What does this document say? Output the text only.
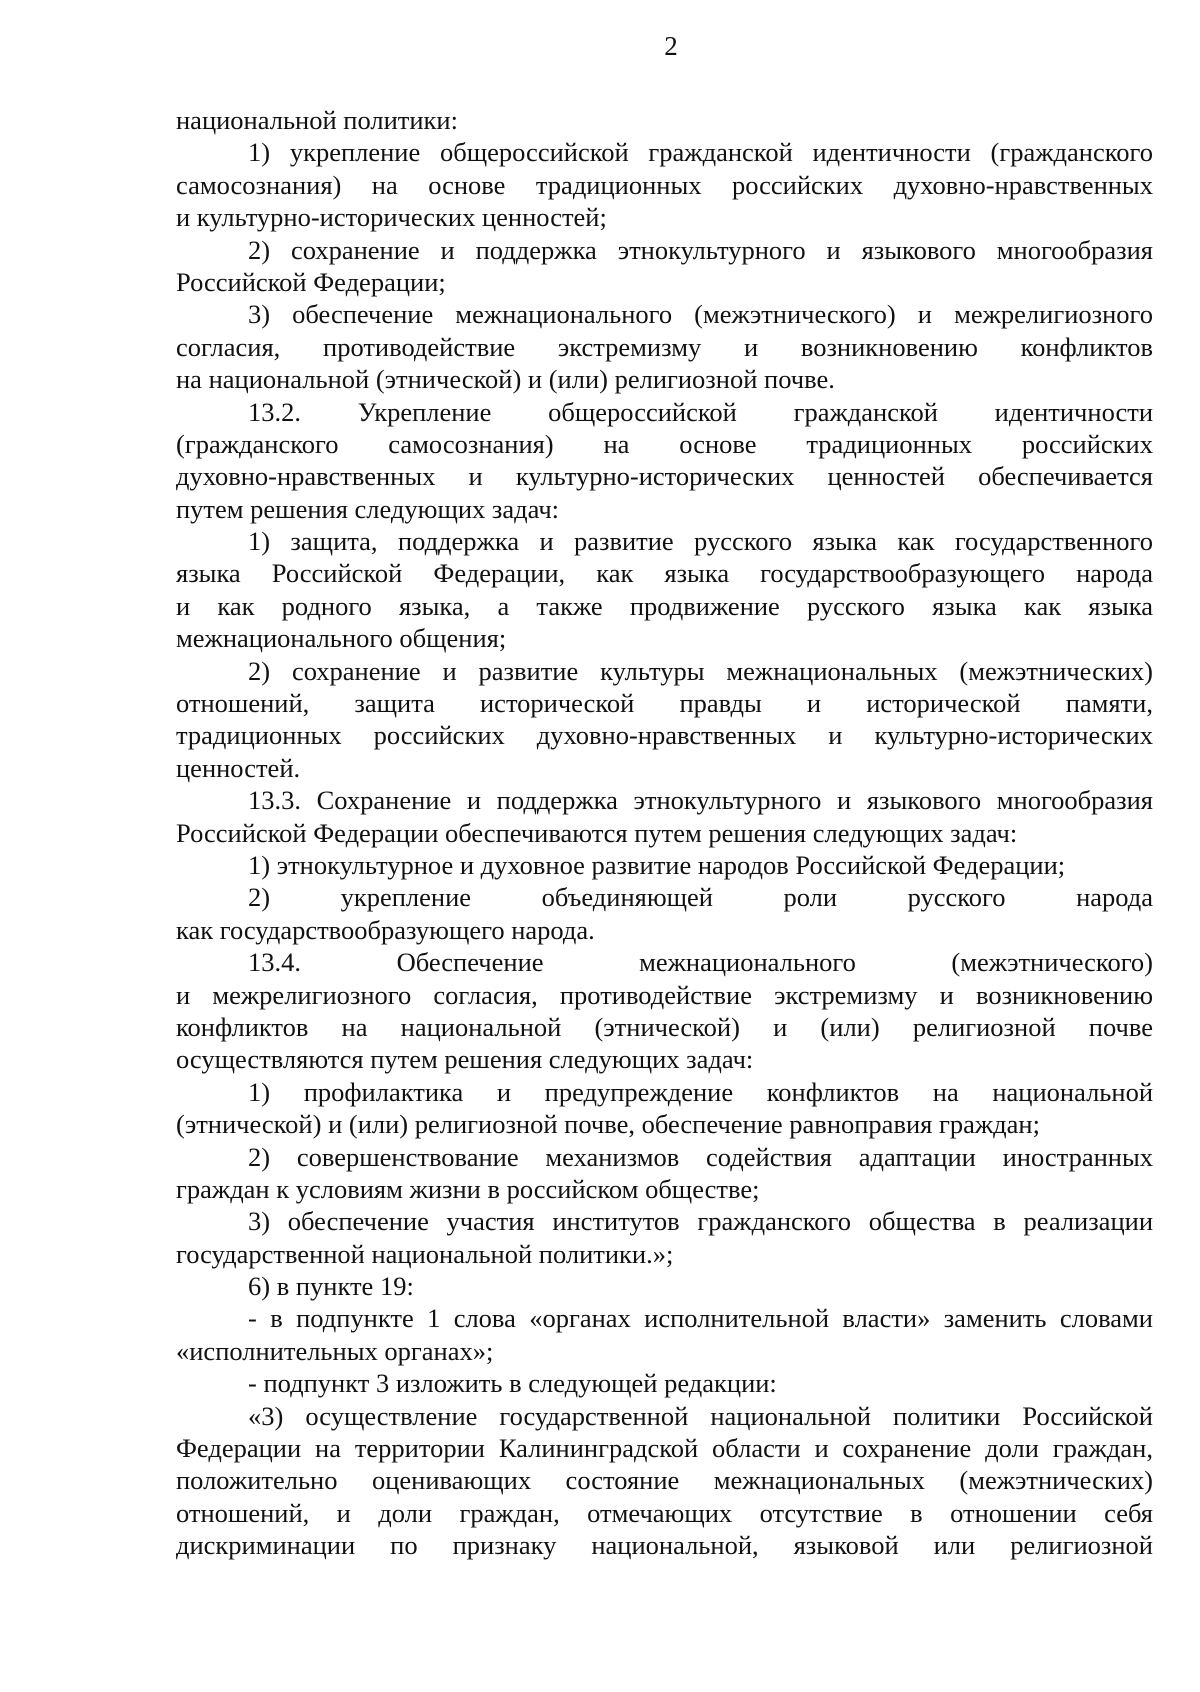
2
национальной политики:
1) укрепление общероссийской гражданской идентичности (гражданского
самосознания) на основе традиционных российских духовно-нравственных
и культурно-исторических ценностей;
2) сохранение и поддержка этнокультурного и языкового многообразия
Российской Федерации;
3) обеспечение межнационального (межэтнического) и межрелигиозного
согласия, противодействие экстремизму и возникновению конфликтов
на национальной (этнической) и (или) религиозной почве.
13.2. Укрепление общероссийской гражданской идентичности
(гражданского самосознания) на основе традиционных российских
духовно-нравственных и культурно-исторических ценностей обеспечивается
путем решения следующих задач:
1) защита, поддержка и развитие русского языка как государственного
языка Российской Федерации, как языка государствообразующего народа
и как родного языка, а также продвижение русского языка как языка
межнационального общения;
2) сохранение и развитие культуры межнациональных (межэтнических)
отношений, защита исторической правды и исторической памяти,
традиционных российских духовно-нравственных и культурно-исторических
ценностей.
13.3. Сохранение и поддержка этнокультурного и языкового многообразия
Российской Федерации обеспечиваются путем решения следующих задач:
1) этнокультурное и духовное развитие народов Российской Федерации;
2) укрепление объединяющей роли русского народа
как государствообразующего народа.
13.4. Обеспечение межнационального (межэтнического)
и межрелигиозного согласия, противодействие экстремизму и возникновению
конфликтов на национальной (этнической) и (или) религиозной почве
осуществляются путем решения следующих задач:
1) профилактика и предупреждение конфликтов на национальной
(этнической) и (или) религиозной почве, обеспечение равноправия граждан;
2) совершенствование механизмов содействия адаптации иностранных
граждан к условиям жизни в российском обществе;
3) обеспечение участия институтов гражданского общества в реализации
государственной национальной политики.»;
6) в пункте 19:
- в подпункте 1 слова «органах исполнительной власти» заменить словами
«исполнительных органах»;
- подпункт 3 изложить в следующей редакции:
«3) осуществление государственной национальной политики Российской
Федерации на территории Калининградской области и сохранение доли граждан,
положительно оценивающих состояние межнациональных (межэтнических)
отношений, и доли граждан, отмечающих отсутствие в отношении себя
дискриминации по признаку национальной, языковой или религиозной
